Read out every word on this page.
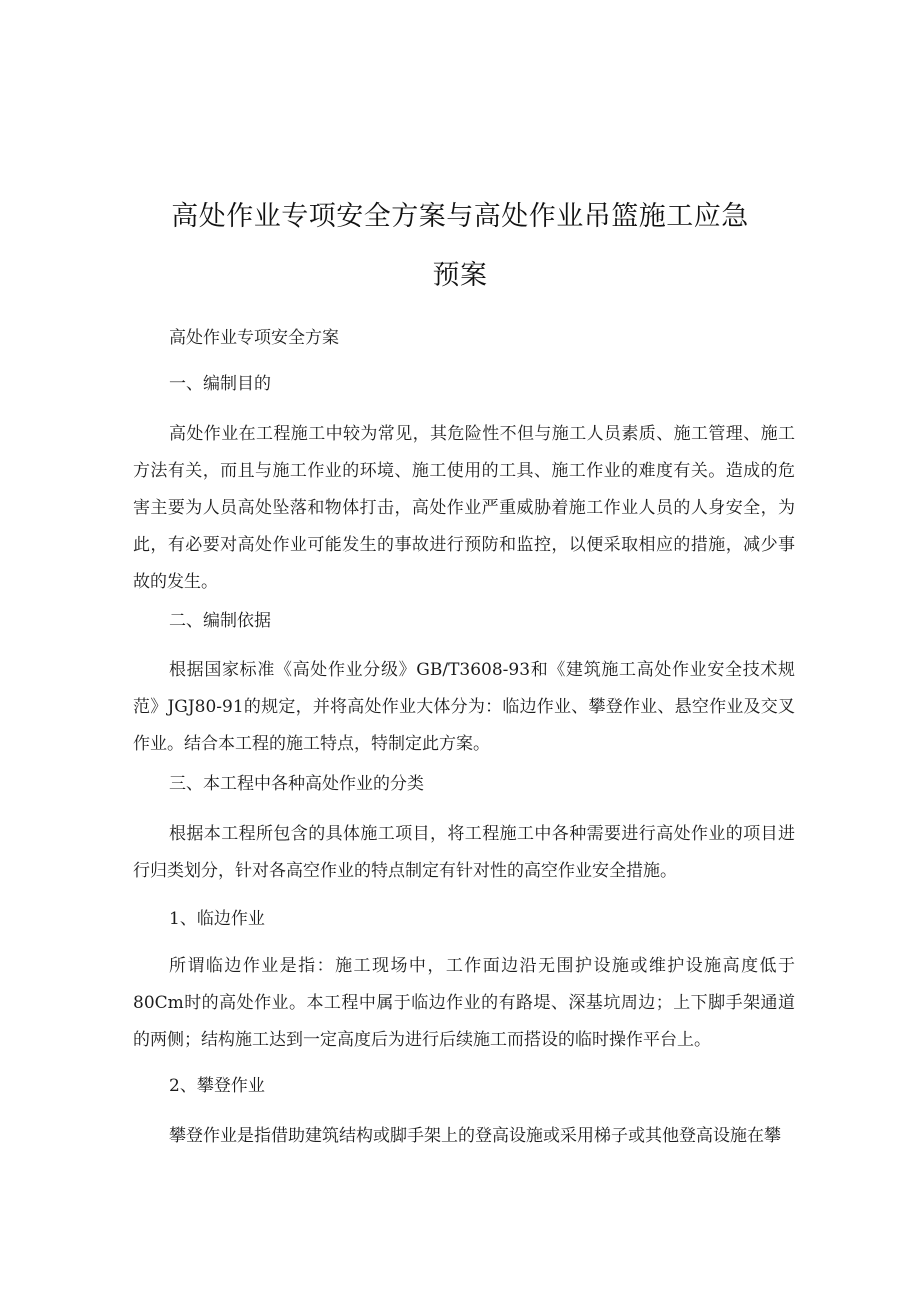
高处作业专项安全方案与高处作业吊篮施工应急
预案

高处作业专项安全方案

一、编制目的

高处作业在工程施工中较为常见，其危险性不但与施工人员素质、施工管理、施工方法有关，而且与施工作业的环境、施工使用的工具、施工作业的难度有关。造成的危害主要为人员高处坠落和物体打击，高处作业严重威胁着施工作业人员的人身安全，为此，有必要对高处作业可能发生的事故进行预防和监控，以便采取相应的措施，减少事故的发生。

二、编制依据

根据国家标准《高处作业分级》GB/T3608-93和《建筑施工高处作业安全技术规范》JGJ80-91的规定，并将高处作业大体分为：临边作业、攀登作业、悬空作业及交叉作业。结合本工程的施工特点，特制定此方案。

三、本工程中各种高处作业的分类

根据本工程所包含的具体施工项目，将工程施工中各种需要进行高处作业的项目进行归类划分，针对各高空作业的特点制定有针对性的高空作业安全措施。

1、临边作业

所谓临边作业是指：施工现场中，工作面边沿无围护设施或维护设施高度低于80Cm时的高处作业。本工程中属于临边作业的有路堤、深基坑周边；上下脚手架通道的两侧；结构施工达到一定高度后为进行后续施工而搭设的临时操作平台上。

2、攀登作业

攀登作业是指借助建筑结构或脚手架上的登高设施或采用梯子或其他登高设施在攀
